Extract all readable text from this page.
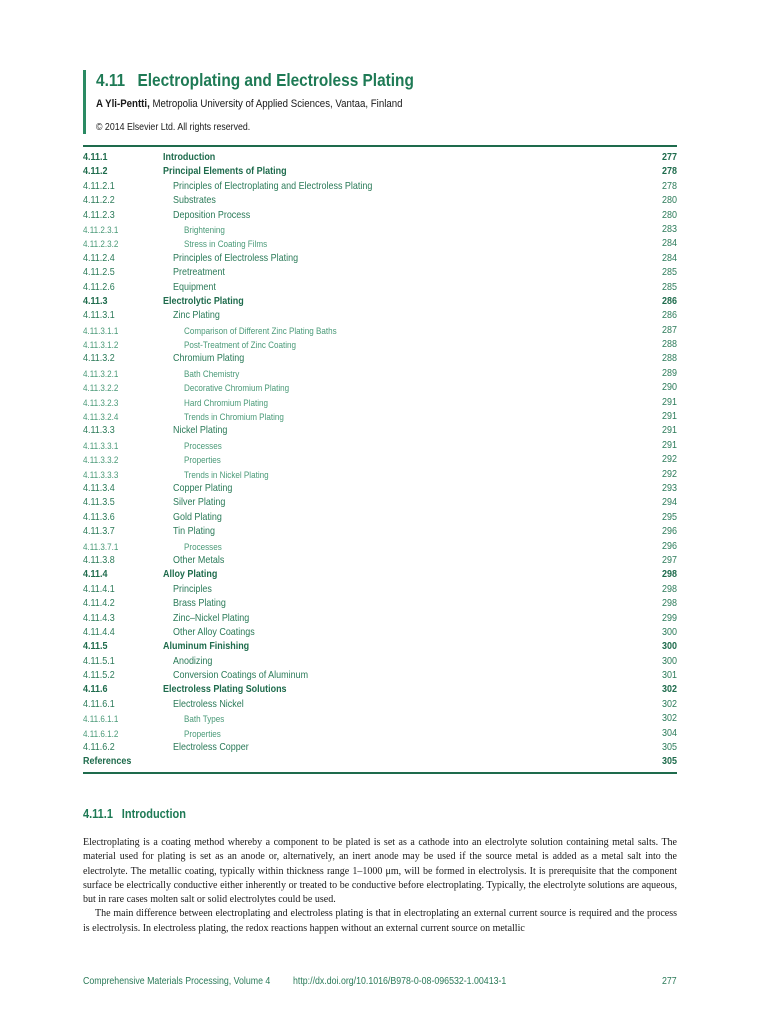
4.11 Electroplating and Electroless Plating
A Yli-Pentti, Metropolia University of Applied Sciences, Vantaa, Finland
© 2014 Elsevier Ltd. All rights reserved.
4.11.1	Introduction	277
4.11.2	Principal Elements of Plating	278
4.11.2.1	Principles of Electroplating and Electroless Plating	278
4.11.2.2	Substrates	280
4.11.2.3	Deposition Process	280
4.11.2.3.1	Brightening	283
4.11.2.3.2	Stress in Coating Films	284
4.11.2.4	Principles of Electroless Plating	284
4.11.2.5	Pretreatment	285
4.11.2.6	Equipment	285
4.11.3	Electrolytic Plating	286
4.11.3.1	Zinc Plating	286
4.11.3.1.1	Comparison of Different Zinc Plating Baths	287
4.11.3.1.2	Post-Treatment of Zinc Coating	288
4.11.3.2	Chromium Plating	288
4.11.3.2.1	Bath Chemistry	289
4.11.3.2.2	Decorative Chromium Plating	290
4.11.3.2.3	Hard Chromium Plating	291
4.11.3.2.4	Trends in Chromium Plating	291
4.11.3.3	Nickel Plating	291
4.11.3.3.1	Processes	291
4.11.3.3.2	Properties	292
4.11.3.3.3	Trends in Nickel Plating	292
4.11.3.4	Copper Plating	293
4.11.3.5	Silver Plating	294
4.11.3.6	Gold Plating	295
4.11.3.7	Tin Plating	296
4.11.3.7.1	Processes	296
4.11.3.8	Other Metals	297
4.11.4	Alloy Plating	298
4.11.4.1	Principles	298
4.11.4.2	Brass Plating	298
4.11.4.3	Zinc–Nickel Plating	299
4.11.4.4	Other Alloy Coatings	300
4.11.5	Aluminum Finishing	300
4.11.5.1	Anodizing	300
4.11.5.2	Conversion Coatings of Aluminum	301
4.11.6	Electroless Plating Solutions	302
4.11.6.1	Electroless Nickel	302
4.11.6.1.1	Bath Types	302
4.11.6.1.2	Properties	304
4.11.6.2	Electroless Copper	305
References	305
4.11.1 Introduction

Electroplating is a coating method whereby a component to be plated is set as a cathode into an electrolyte solution containing metal salts. The material used for plating is set as an anode or, alternatively, an inert anode may be used if the source metal is added as a metal salt into the electrolyte. The metallic coating, typically within thickness range 1–1000 μm, will be formed in electrolysis. It is prerequisite that the component surface be electrically conductive either inherently or treated to be conductive before electroplating. Typically, the electrolyte solutions are aqueous, but in rare cases molten salt or solid electrolytes could be used.

The main difference between electroplating and electroless plating is that in electroplating an external current source is required and the process is electrolysis. In electroless plating, the redox reactions happen without an external current source on metallic

Comprehensive Materials Processing, Volume 4 http://dx.doi.org/10.1016/B978-0-08-096532-1.00413-1	277
